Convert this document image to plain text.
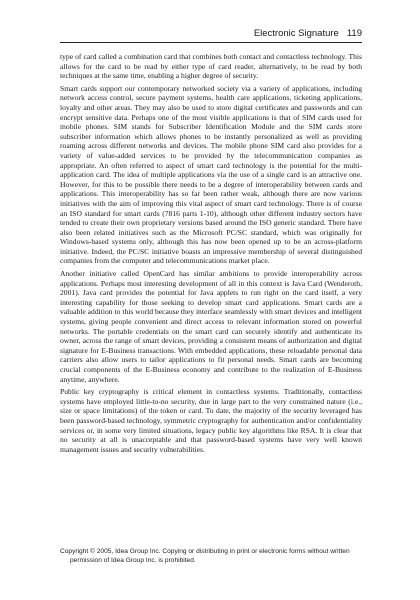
Electronic Signature 119

type of card called a combination card that combines both contact and contactless technology. This allows for the card to be read by either type of card reader, alternatively, to be read by both techniques at the same time, enabling a higher degree of security.

Smart cards support our contemporary networked society via a variety of applications, including network access control, secure payment systems, health care applications, ticketing applications, loyalty and other areas. They may also be used to store digital certificates and passwords and can encrypt sensitive data. Perhaps one of the most visible applications is that of SIM cards used for mobile phones. SIM stands for Subscriber Identification Module and the SIM cards store subscriber information which allows phones to be instantly personalized as well as providing roaming across different networks and devices. The mobile phone SIM card also provides for a variety of value-added services to be provided by the telecommunication companies as appropriate. An often referred to aspect of smart card technology is the potential for the multi-application card. The idea of multiple applications via the use of a single card is an attractive one. However, for this to be possible there needs to be a degree of interoperability between cards and applications. This interoperability has so far been rather weak, although there are now various initiatives with the aim of improving this vital aspect of smart card technology. There is of course an ISO standard for smart cards (7816 parts 1-10), although other different industry sectors have tended to create their own proprietary versions based around the ISO generic standard. There have also been related initiatives such as the Microsoft PC/SC standard, which was originally for Windows-based systems only, although this has now been opened up to be an across-platform initiative. Indeed, the PC/SC initiative boasts an impressive membership of several distinguished companies from the computer and telecommunications market place.

Another initiative called OpenCard has similar ambitions to provide interoperability across applications. Perhaps most interesting development of all in this context is Java Card (Wenderoth, 2001). Java card provides the potential for Java applets to run right on the card itself, a very interesting capability for those seeking to develop smart card applications. Smart cards are a valuable addition to this world because they interface seamlessly with smart devices and intelligent systems, giving people convenient and direct access to relevant information stored on powerful networks. The portable credentials on the smart card can securely identify and authenticate its owner, across the range of smart devices, providing a consistent means of authorization and digital signature for E-Business transactions. With embedded applications, these reloadable personal data carriers also allow users to tailor applications to fit personal needs. Smart cards are becoming crucial components of the E-Business economy and contribute to the realization of E-Business anytime, anywhere.

Public key cryptography is critical element in contactless systems. Traditionally, contactless systems have employed little-to-no security, due in large part to the very constrained nature (i.e., size or space limitations) of the token or card. To date, the majority of the security leveraged has been password-based technology, symmetric cryptography for authentication and/or confidentiality services or, in some very limited situations, legacy public key algorithms like RSA. It is clear that no security at all is unacceptable and that password-based systems have very well known management issues and security vulnerabilities.

Copyright © 2005, Idea Group Inc. Copying or distributing in print or electronic forms without written

permission of Idea Group Inc. is prohibited.
